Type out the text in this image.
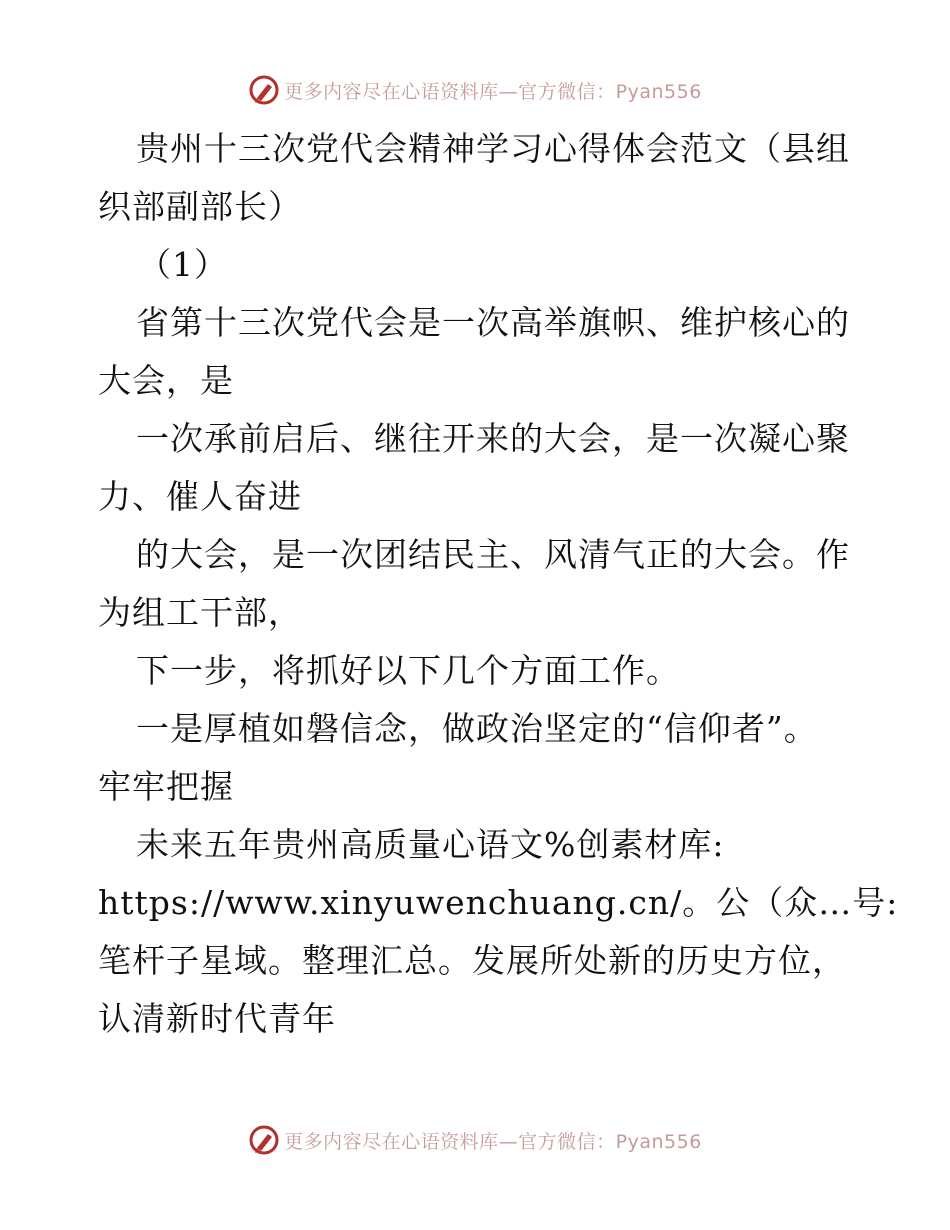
更多内容尽在心语资料库—官方微信：Pyan556
贵州十三次党代会精神学习心得体会范文（县组
织部副部长）
（1）
省第十三次党代会是一次高举旗帜、维护核心的
大会，是
一次承前启后、继往开来的大会，是一次凝心聚
力、催人奋进
的大会，是一次团结民主、风清气正的大会。作
为组工干部，
下一步，将抓好以下几个方面工作。
一是厚植如磐信念，做政治坚定的“信仰者”。
牢牢把握
未来五年贵州高质量心语文%创素材库:
https://www.xinyuwenchuang.cn/。公（众…号:
笔杆子星域。整理汇总。发展所处新的历史方位，
认清新时代青年
更多内容尽在心语资料库—官方微信：Pyan556
